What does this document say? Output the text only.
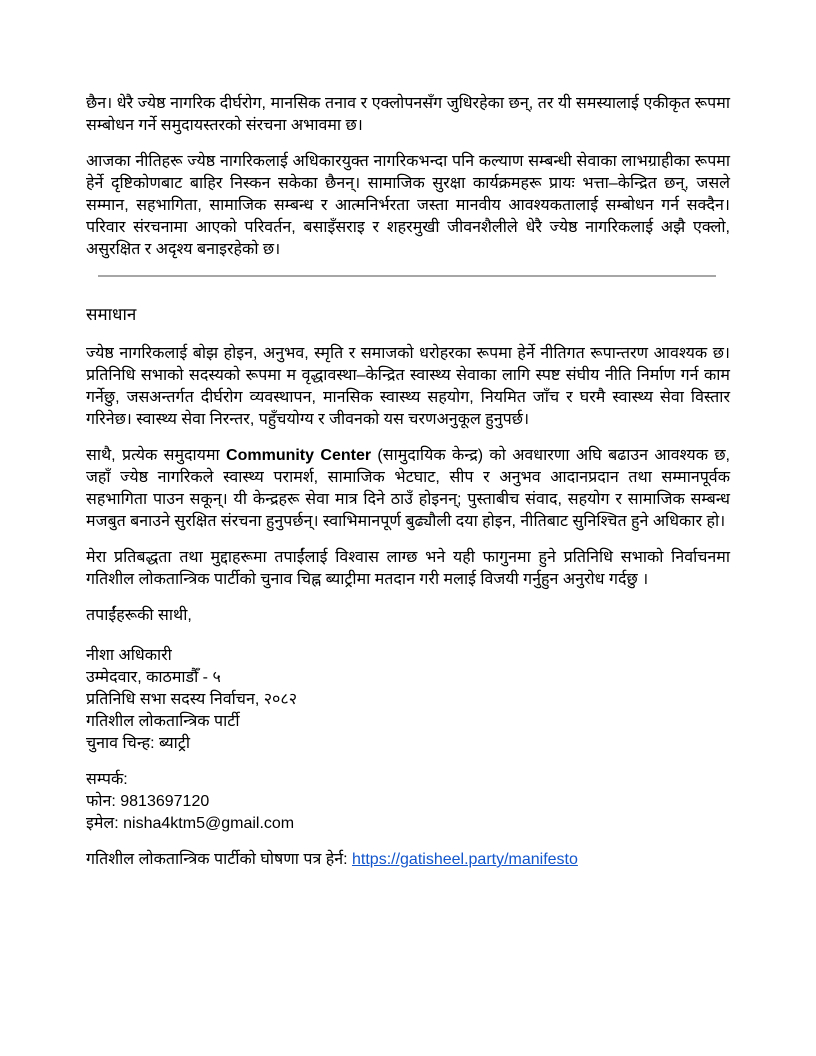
छैन। धेरै ज्येष्ठ नागरिक दीर्घरोग, मानसिक तनाव र एक्लोपनसँग जुधिरहेका छन्, तर यी समस्यालाई एकीकृत रूपमा सम्बोधन गर्ने समुदायस्तरको संरचना अभावमा छ।

आजका नीतिहरू ज्येष्ठ नागरिकलाई अधिकारयुक्त नागरिकभन्दा पनि कल्याण सम्बन्धी सेवाका लाभग्राहीका रूपमा हेर्ने दृष्टिकोणबाट बाहिर निस्कन सकेका छैनन्। सामाजिक सुरक्षा कार्यक्रमहरू प्रायः भत्ता–केन्द्रित छन्, जसले सम्मान, सहभागिता, सामाजिक सम्बन्ध र आत्मनिर्भरता जस्ता मानवीय आवश्यकतालाई सम्बोधन गर्न सक्दैन। परिवार संरचनामा आएको परिवर्तन, बसाइँसराइ र शहरमुखी जीवनशैलीले धेरै ज्येष्ठ नागरिकलाई अझै एक्लो, असुरक्षित र अदृश्य बनाइरहेको छ।

समाधान

ज्येष्ठ नागरिकलाई बोझ होइन, अनुभव, स्मृति र समाजको धरोहरका रूपमा हेर्ने नीतिगत रूपान्तरण आवश्यक छ। प्रतिनिधि सभाको सदस्यको रूपमा म वृद्धावस्था–केन्द्रित स्वास्थ्य सेवाका लागि स्पष्ट संघीय नीति निर्माण गर्न काम गर्नेछु, जसअन्तर्गत दीर्घरोग व्यवस्थापन, मानसिक स्वास्थ्य सहयोग, नियमित जाँच र घरमै स्वास्थ्य सेवा विस्तार गरिनेछ। स्वास्थ्य सेवा निरन्तर, पहुँचयोग्य र जीवनको यस चरणअनुकूल हुनुपर्छ।

साथै, प्रत्येक समुदायमा Community Center (सामुदायिक केन्द्र) को अवधारणा अघि बढाउन आवश्यक छ, जहाँ ज्येष्ठ नागरिकले स्वास्थ्य परामर्श, सामाजिक भेटघाट, सीप र अनुभव आदानप्रदान तथा सम्मानपूर्वक सहभागिता पाउन सकून्। यी केन्द्रहरू सेवा मात्र दिने ठाउँ होइनन्; पुस्ताबीच संवाद, सहयोग र सामाजिक सम्बन्ध मजबुत बनाउने सुरक्षित संरचना हुनुपर्छन्। स्वाभिमानपूर्ण बुढ्यौली दया होइन, नीतिबाट सुनिश्चित हुने अधिकार हो।

मेरा प्रतिबद्धता तथा मुद्दाहरूमा तपाईंलाई विश्वास लाग्छ भने यही फागुनमा हुने प्रतिनिधि सभाको निर्वाचनमा गतिशील लोकतान्त्रिक पार्टीको चुनाव चिह्न ब्याट्रीमा मतदान गरी मलाई विजयी गर्नुहुन अनुरोध गर्दछु ।

तपाईंहरूकी साथी,

नीशा अधिकारी
उम्मेदवार, काठमाडौँ - ५
प्रतिनिधि सभा सदस्य निर्वाचन, २०८२
गतिशील लोकतान्त्रिक पार्टी
चुनाव चिन्ह: ब्याट्री
सम्पर्क:
फोन: 9813697120
इमेल: nisha4ktm5@gmail.com

गतिशील लोकतान्त्रिक पार्टीको घोषणा पत्र हेर्न: https://gatisheel.party/manifesto
